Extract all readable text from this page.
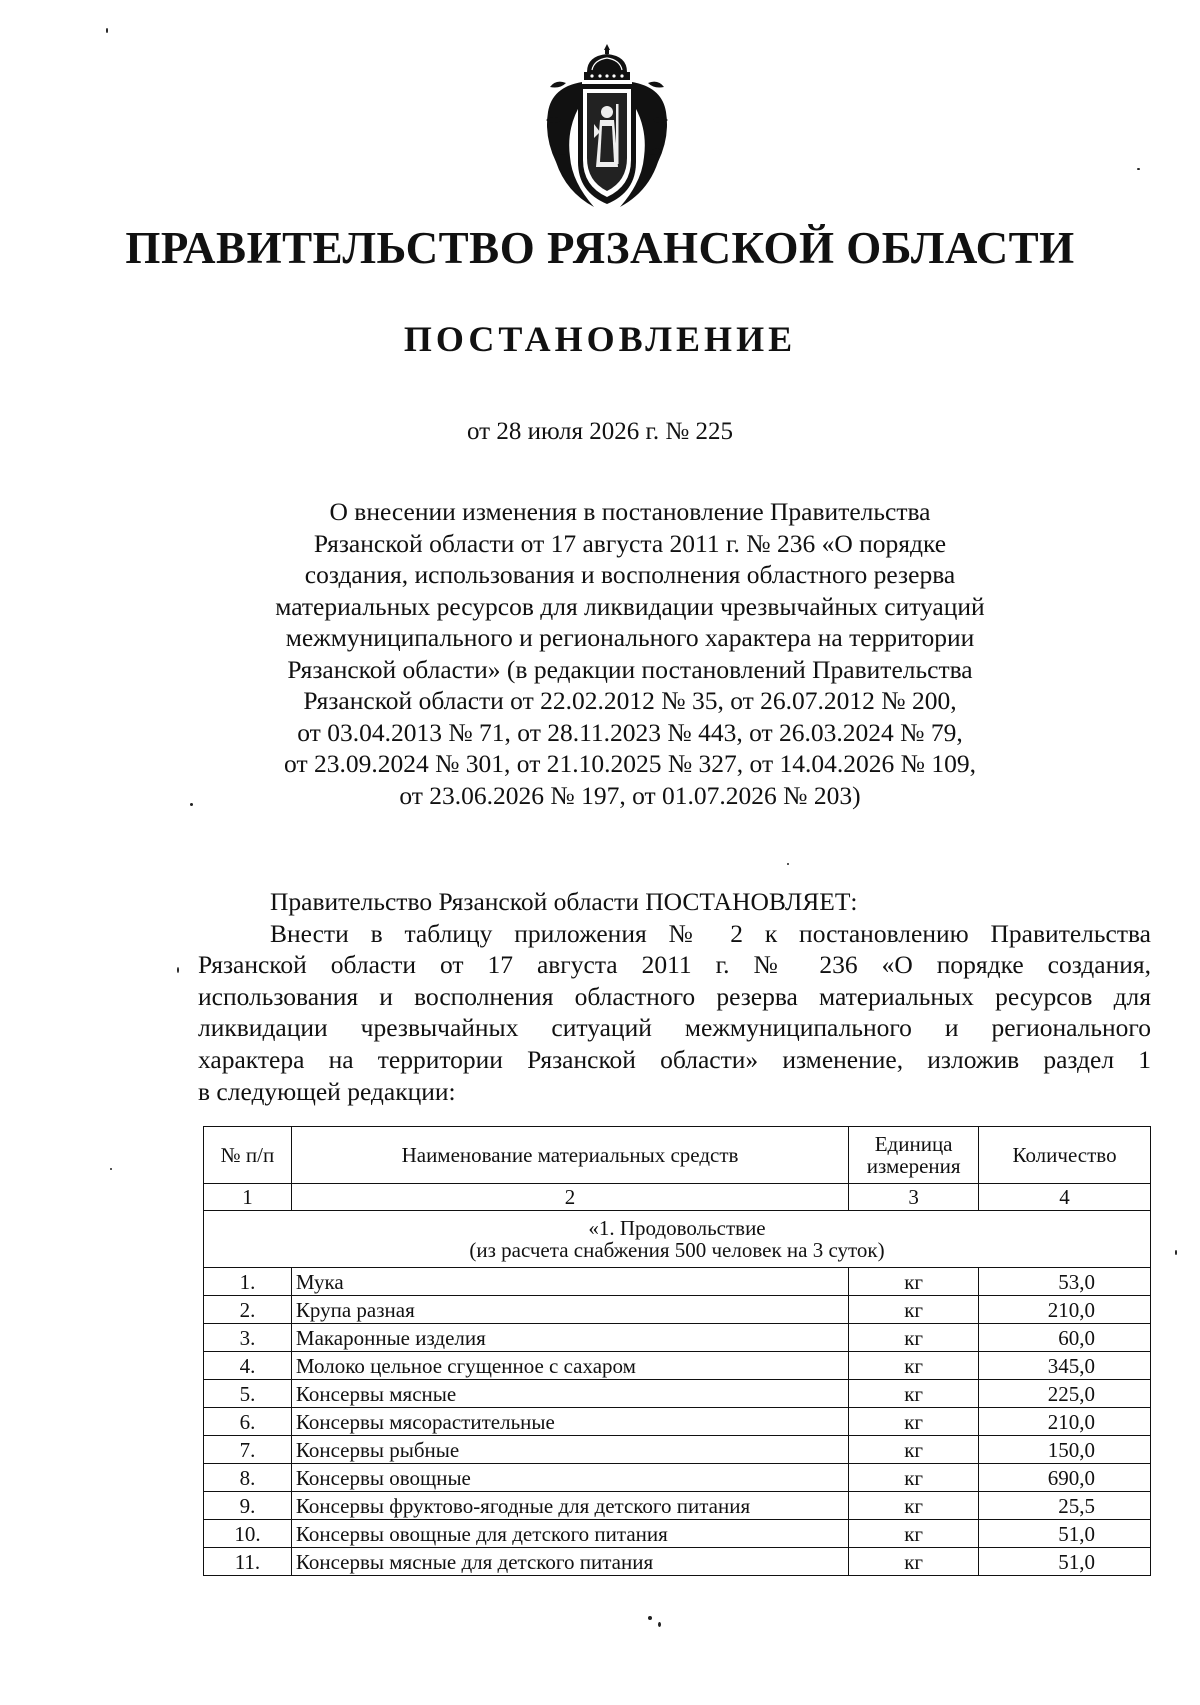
ПРАВИТЕЛЬСТВО РЯЗАНСКОЙ ОБЛАСТИ
ПОСТАНОВЛЕНИЕ
от 28 июля 2026 г. № 225
О внесении изменения в постановление Правительства
Рязанской области от 17 августа 2011 г. № 236 «О порядке
создания, использования и восполнения областного резерва
материальных ресурсов для ликвидации чрезвычайных ситуаций
межмуниципального и регионального характера на территории
Рязанской области» (в редакции постановлений Правительства
Рязанской области от 22.02.2012 № 35, от 26.07.2012 № 200,
от 03.04.2013 № 71, от 28.11.2023 № 443, от 26.03.2024 № 79,
от 23.09.2024 № 301, от 21.10.2025 № 327, от 14.04.2026 № 109,
от 23.06.2026 № 197, от 01.07.2026 № 203)
Правительство Рязанской области ПОСТАНОВЛЯЕТ:
Внести в таблицу приложения № 2 к постановлению Правительства
Рязанской области от 17 августа 2011 г. № 236 «О порядке создания,
использования и восполнения областного резерва материальных ресурсов для
ликвидации чрезвычайных ситуаций межмуниципального и регионального
характера на территории Рязанской области» изменение, изложив раздел 1
в следующей редакции:
№ п/п	Наименование материальных средств	Единица измерения	Количество
1	2	3	4

«1. Продовольствие
(из расчета снабжения 500 человек на 3 суток)			

1.	Мука	кг	53,0
2.	Крупа разная	кг	210,0
3.	Макаронные изделия	кг	60,0
4.	Молоко цельное сгущенное с сахаром	кг	345,0
5.	Консервы мясные	кг	225,0
6.	Консервы мясорастительные	кг	210,0
7.	Консервы рыбные	кг	150,0
8.	Консервы овощные	кг	690,0
9.	Консервы фруктово-ягодные для детского питания	кг	25,5
10.	Консервы овощные для детского питания	кг	51,0
11.	Консервы мясные для детского питания	кг	51,0
